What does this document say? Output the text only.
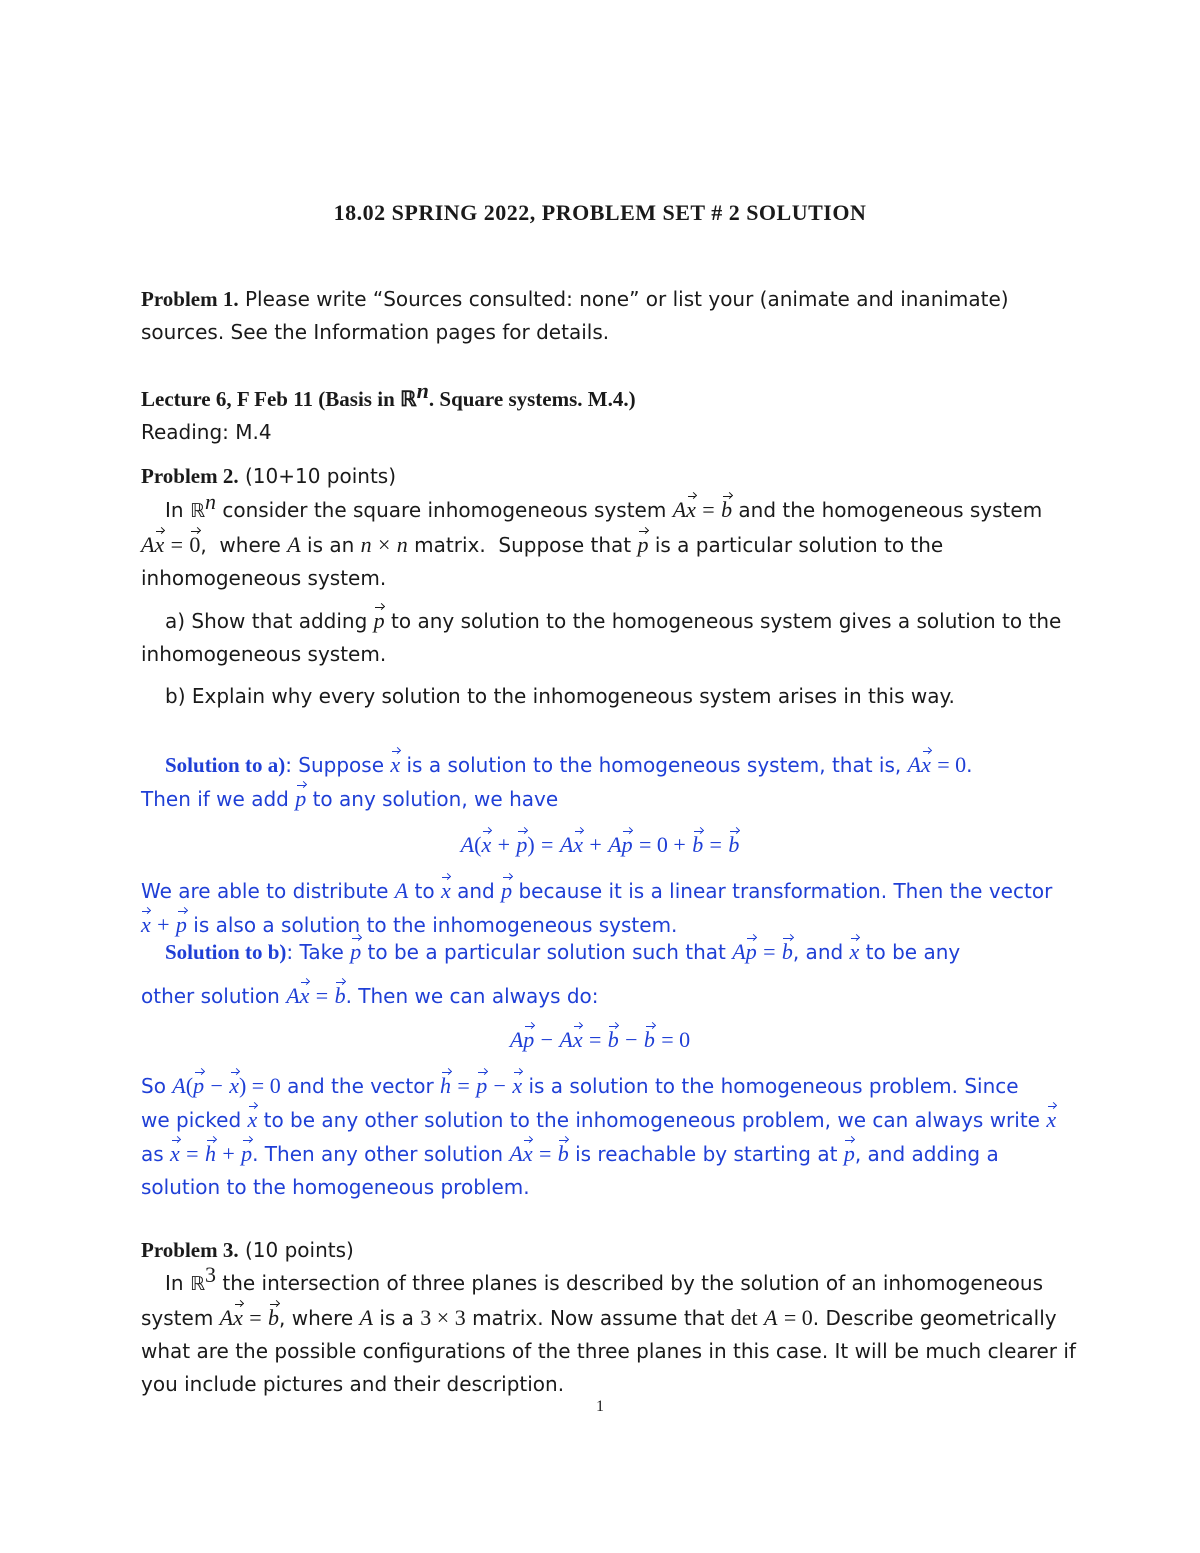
18.02 SPRING 2022, PROBLEM SET # 2 SOLUTION
Problem 1. Please write “Sources consulted: none” or list your (animate and inanimate)
sources. See the Information pages for details.
Lecture 6, F Feb 11 (Basis in ℝ$^n$. Square systems. M.4.)
Reading: M.4
Problem 2. (10+10 points)
In ℝ$^n$ consider the square inhomogeneous system Ax = b and the homogeneous system
Ax = 0,  where A is an n × n matrix.  Suppose that p is a particular solution to the
inhomogeneous system.
a) Show that adding p to any solution to the homogeneous system gives a solution to the
inhomogeneous system.
b) Explain why every solution to the inhomogeneous system arises in this way.
Solution to a): Suppose x is a solution to the homogeneous system, that is, Ax = 0.
Then if we add p to any solution, we have
A(x + p) = Ax + Ap = 0 + b = b
We are able to distribute A to x and p because it is a linear transformation. Then the vector
x + p is also a solution to the inhomogeneous system.
Solution to b): Take p to be a particular solution such that Ap = b, and x to be any
other solution Ax = b. Then we can always do:
Ap − Ax = b − b = 0
So A(p − x) = 0 and the vector h = p − x is a solution to the homogeneous problem. Since
we picked x to be any other solution to the inhomogeneous problem, we can always write x
as x = h + p. Then any other solution Ax = b is reachable by starting at p, and adding a
solution to the homogeneous problem.
Problem 3. (10 points)
In ℝ$^3$ the intersection of three planes is described by the solution of an inhomogeneous
system Ax = b, where A is a 3 × 3 matrix. Now assume that det A = 0. Describe geometrically
what are the possible configurations of the three planes in this case. It will be much clearer if
you include pictures and their description.
1
